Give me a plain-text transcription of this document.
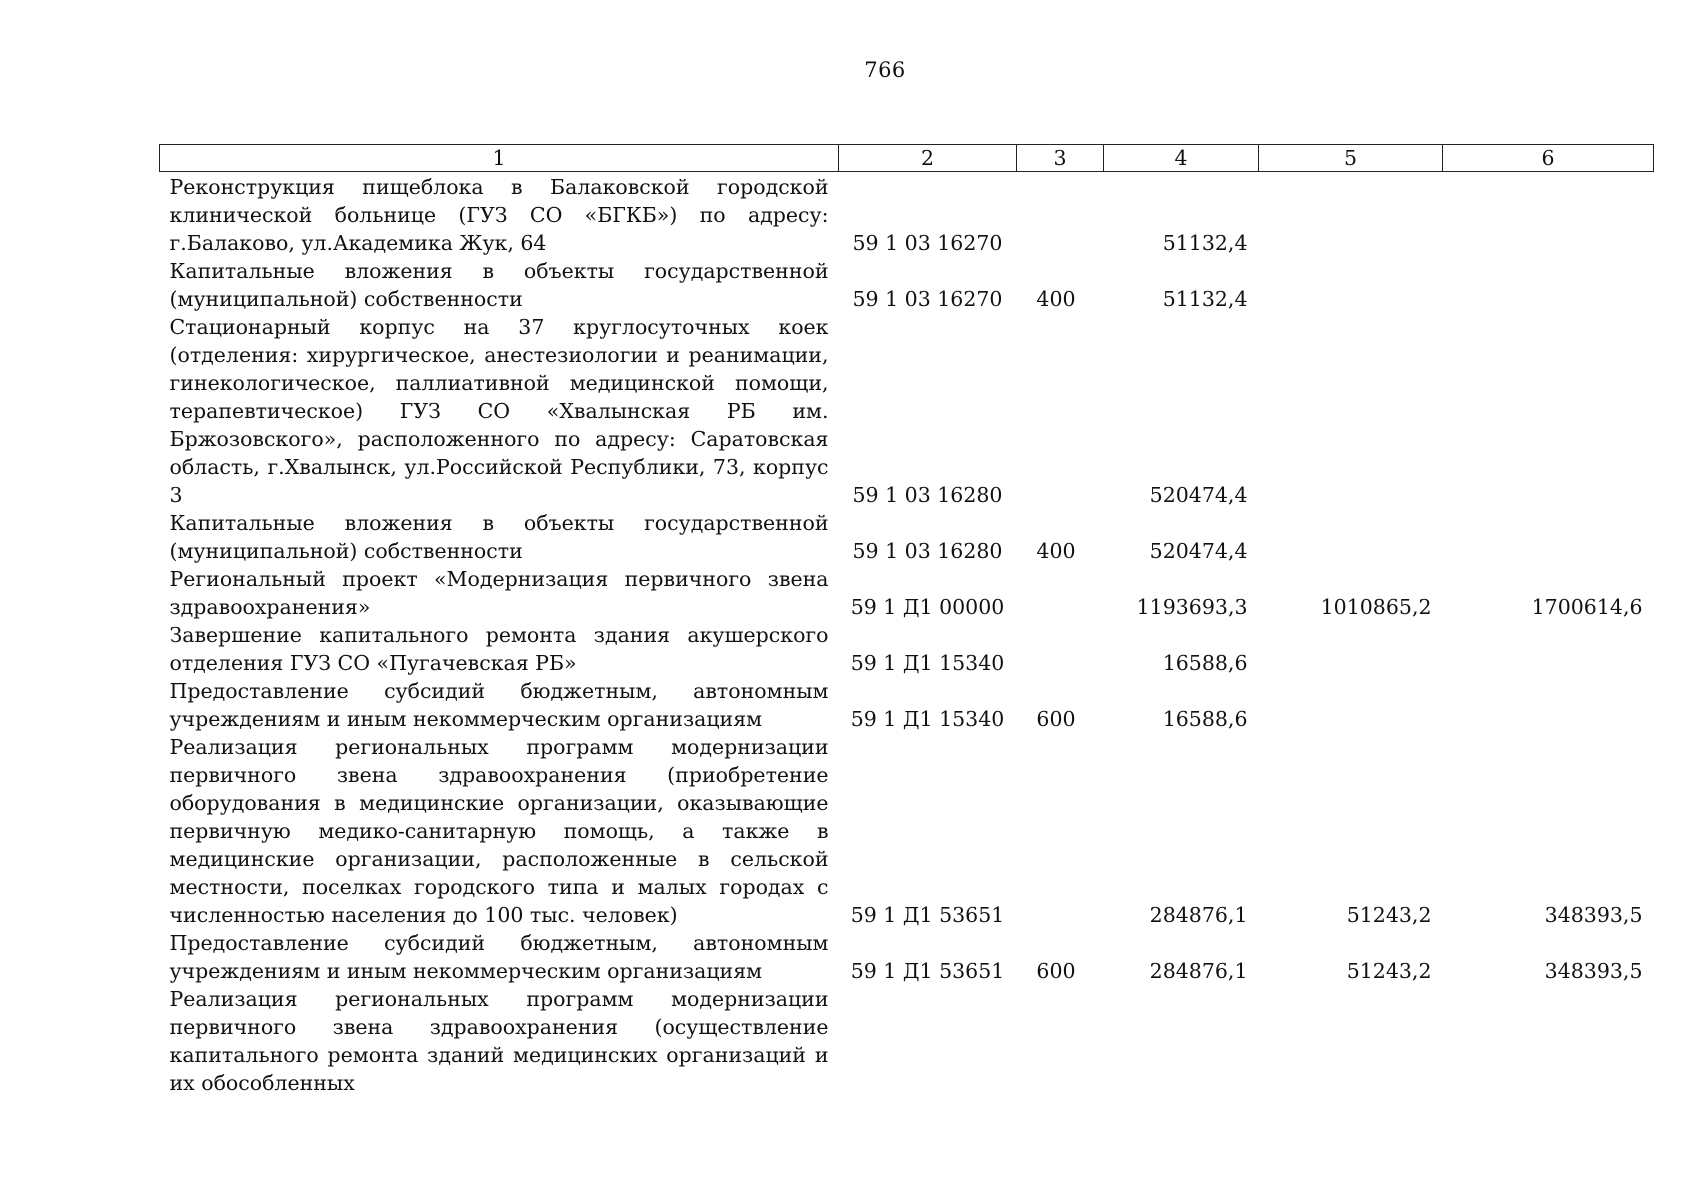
766
1	2	3	4	5	6
Реконструкция пищеблока в Балаковской городской клинической больнице (ГУЗ СО «БГКБ») по адресу: г.Балаково, ул.Академика Жук, 64	59 1 03 16270		51132,4		
Капитальные вложения в объекты государственной (муниципальной) собственности	59 1 03 16270	400	51132,4		
Стационарный корпус на 37 круглосуточных коек (отделения: хирургическое, анестезиологии и реанимации, гинекологическое, паллиативной медицинской помощи, терапевтическое) ГУЗ СО «Хвалынская РБ им. Бржозовского», расположенного по адресу: Саратовская область, г.Хвалынск, ул.Российской Республики, 73, корпус 3	59 1 03 16280		520474,4		
Капитальные вложения в объекты государственной (муниципальной) собственности	59 1 03 16280	400	520474,4		
Региональный проект «Модернизация первичного звена здравоохранения»	59 1 Д1 00000		1193693,3	1010865,2	1700614,6
Завершение капитального ремонта здания акушерского отделения ГУЗ СО «Пугачевская РБ»	59 1 Д1 15340		16588,6		
Предоставление субсидий бюджетным, автономным учреждениям и иным некоммерческим организациям	59 1 Д1 15340	600	16588,6		
Реализация региональных программ модернизации первичного звена здравоохранения (приобретение оборудования в медицинские организации, оказывающие первичную медико-санитарную помощь, а также в медицинские организации, расположенные в сельской местности, поселках городского типа и малых городах с численностью населения до 100 тыс. человек)	59 1 Д1 53651		284876,1	51243,2	348393,5
Предоставление субсидий бюджетным, автономным учреждениям и иным некоммерческим организациям	59 1 Д1 53651	600	284876,1	51243,2	348393,5
Реализация региональных программ модернизации первичного звена здравоохранения (осуществление капитального ремонта зданий медицинских организаций и их обособленных					
